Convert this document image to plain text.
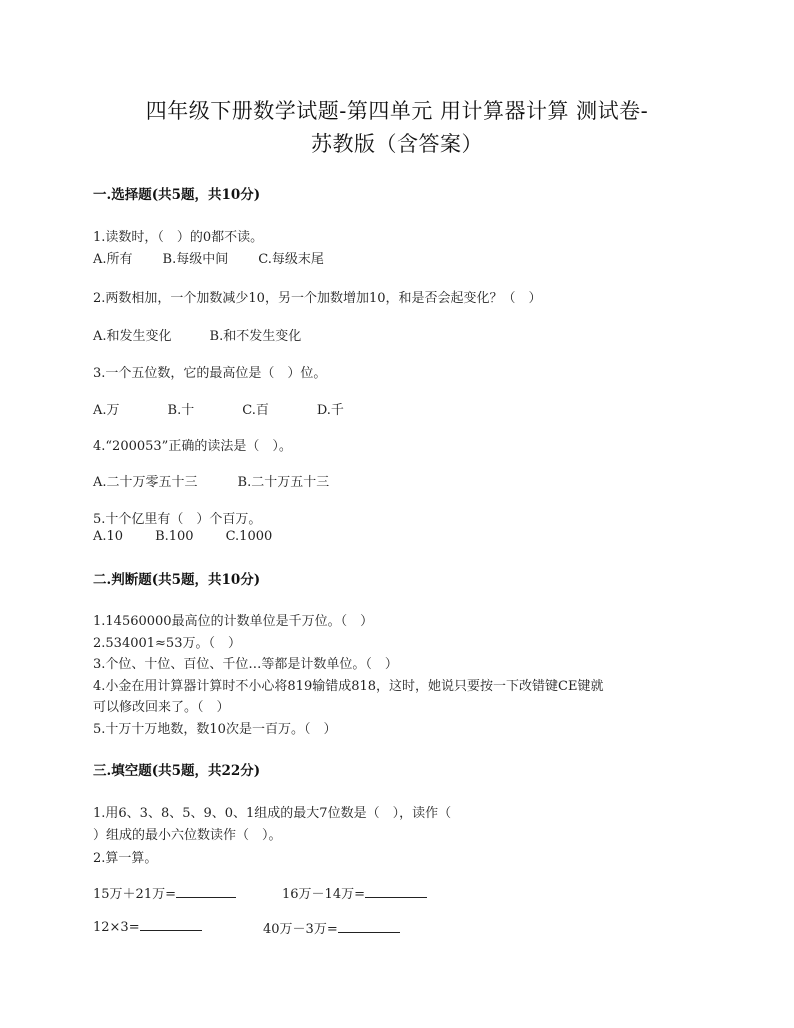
四年级下册数学试题-第四单元 用计算器计算 测试卷-
苏教版（含答案）
一.选择题(共5题，共10分)
1.读数时，（　）的0都不读。
A.所有 B.每级中间 C.每级末尾
2.两数相加，一个加数减少10，另一个加数增加10，和是否会起变化？（　）
A.和发生变化	B.和不发生变化
3.一个五位数，它的最高位是（　）位。
A.万	B.十	C.百	D.千
4.“200053”正确的读法是（　）。
A.二十万零五十三	B.二十万五十三
5.十个亿里有（　）个百万。
A.10 B.100 C.1000
二.判断题(共5题，共10分)
1.14560000最高位的计数单位是千万位。（　）
2.534001≈53万。（　）
3.个位、十位、百位、千位…等都是计数单位。（　）
4.小金在用计算器计算时不小心将819输错成818，这时，她说只要按一下改错键CE键就
可以修改回来了。（　）
5.十万十万地数，数10次是一百万。（　）
三.填空题(共5题，共22分)
1.用6、3、8、5、9、0、1组成的最大7位数是（　），读作（
）组成的最小六位数读作（　）。
2.算一算。
15万＋21万=	16万－14万=
12×3=	40万－3万=
